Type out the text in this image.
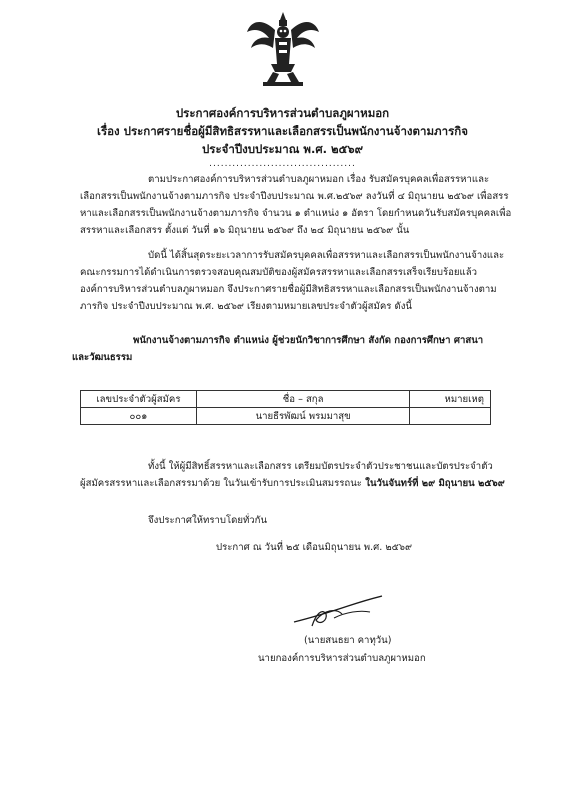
ประกาศองค์การบริหารส่วนตำบลภูผาหมอก
เรื่อง ประกาศรายชื่อผู้มีสิทธิสรรหาและเลือกสรรเป็นพนักงานจ้างตามภารกิจ
ประจำปีงบประมาณ พ.ศ. ๒๕๖๙
......................................
ตามประกาศองค์การบริหารส่วนตำบลภูผาหมอก เรื่อง รับสมัครบุคคลเพื่อสรรหาและ
เลือกสรรเป็นพนักงานจ้างตามภารกิจ ประจำปีงบประมาณ พ.ศ.๒๕๖๙ ลงวันที่ ๔ มิถุนายน ๒๕๖๙ เพื่อสรร
หาและเลือกสรรเป็นพนักงานจ้างตามภารกิจ จำนวน ๑ ตำแหน่ง ๑ อัตรา โดยกำหนดวันรับสมัครบุคคลเพื่อ
สรรหาและเลือกสรร ตั้งแต่ วันที่ ๑๖ มิถุนายน ๒๕๖๙ ถึง ๒๔ มิถุนายน ๒๕๖๙ นั้น
บัดนี้ ได้สิ้นสุดระยะเวลาการรับสมัครบุคคลเพื่อสรรหาและเลือกสรรเป็นพนักงานจ้างและ
คณะกรรมการได้ดำเนินการตรวจสอบคุณสมบัติของผู้สมัครสรรหาและเลือกสรรเสร็จเรียบร้อยแล้ว
องค์การบริหารส่วนตำบลภูผาหมอก จึงประกาศรายชื่อผู้มีสิทธิสรรหาและเลือกสรรเป็นพนักงานจ้างตาม
ภารกิจ ประจำปีงบประมาณ พ.ศ. ๒๕๖๙ เรียงตามหมายเลขประจำตัวผู้สมัคร ดังนี้
พนักงานจ้างตามภารกิจ ตำแหน่ง ผู้ช่วยนักวิชาการศึกษา สังกัด กองการศึกษา ศาสนา
และวัฒนธรรม
เลขประจำตัวผู้สมัคร	ชื่อ – สกุล	หมายเหตุ
๐๐๑	นายธีรพัฒน์ พรมมาสุข	
ทั้งนี้ ให้ผู้มีสิทธิ์สรรหาและเลือกสรร เตรียมบัตรประจำตัวประชาชนและบัตรประจำตัว
ผู้สมัครสรรหาและเลือกสรรมาด้วย ในวันเข้ารับการประเมินสมรรถนะ ในวันจันทร์ที่ ๒๙ มิถุนายน ๒๕๖๙
จึงประกาศให้ทราบโดยทั่วกัน
ประกาศ ณ วันที่ ๒๕ เดือนมิถุนายน พ.ศ. ๒๕๖๙
(นายสนธยา คาทุวัน)
นายกองค์การบริหารส่วนตำบลภูผาหมอก
